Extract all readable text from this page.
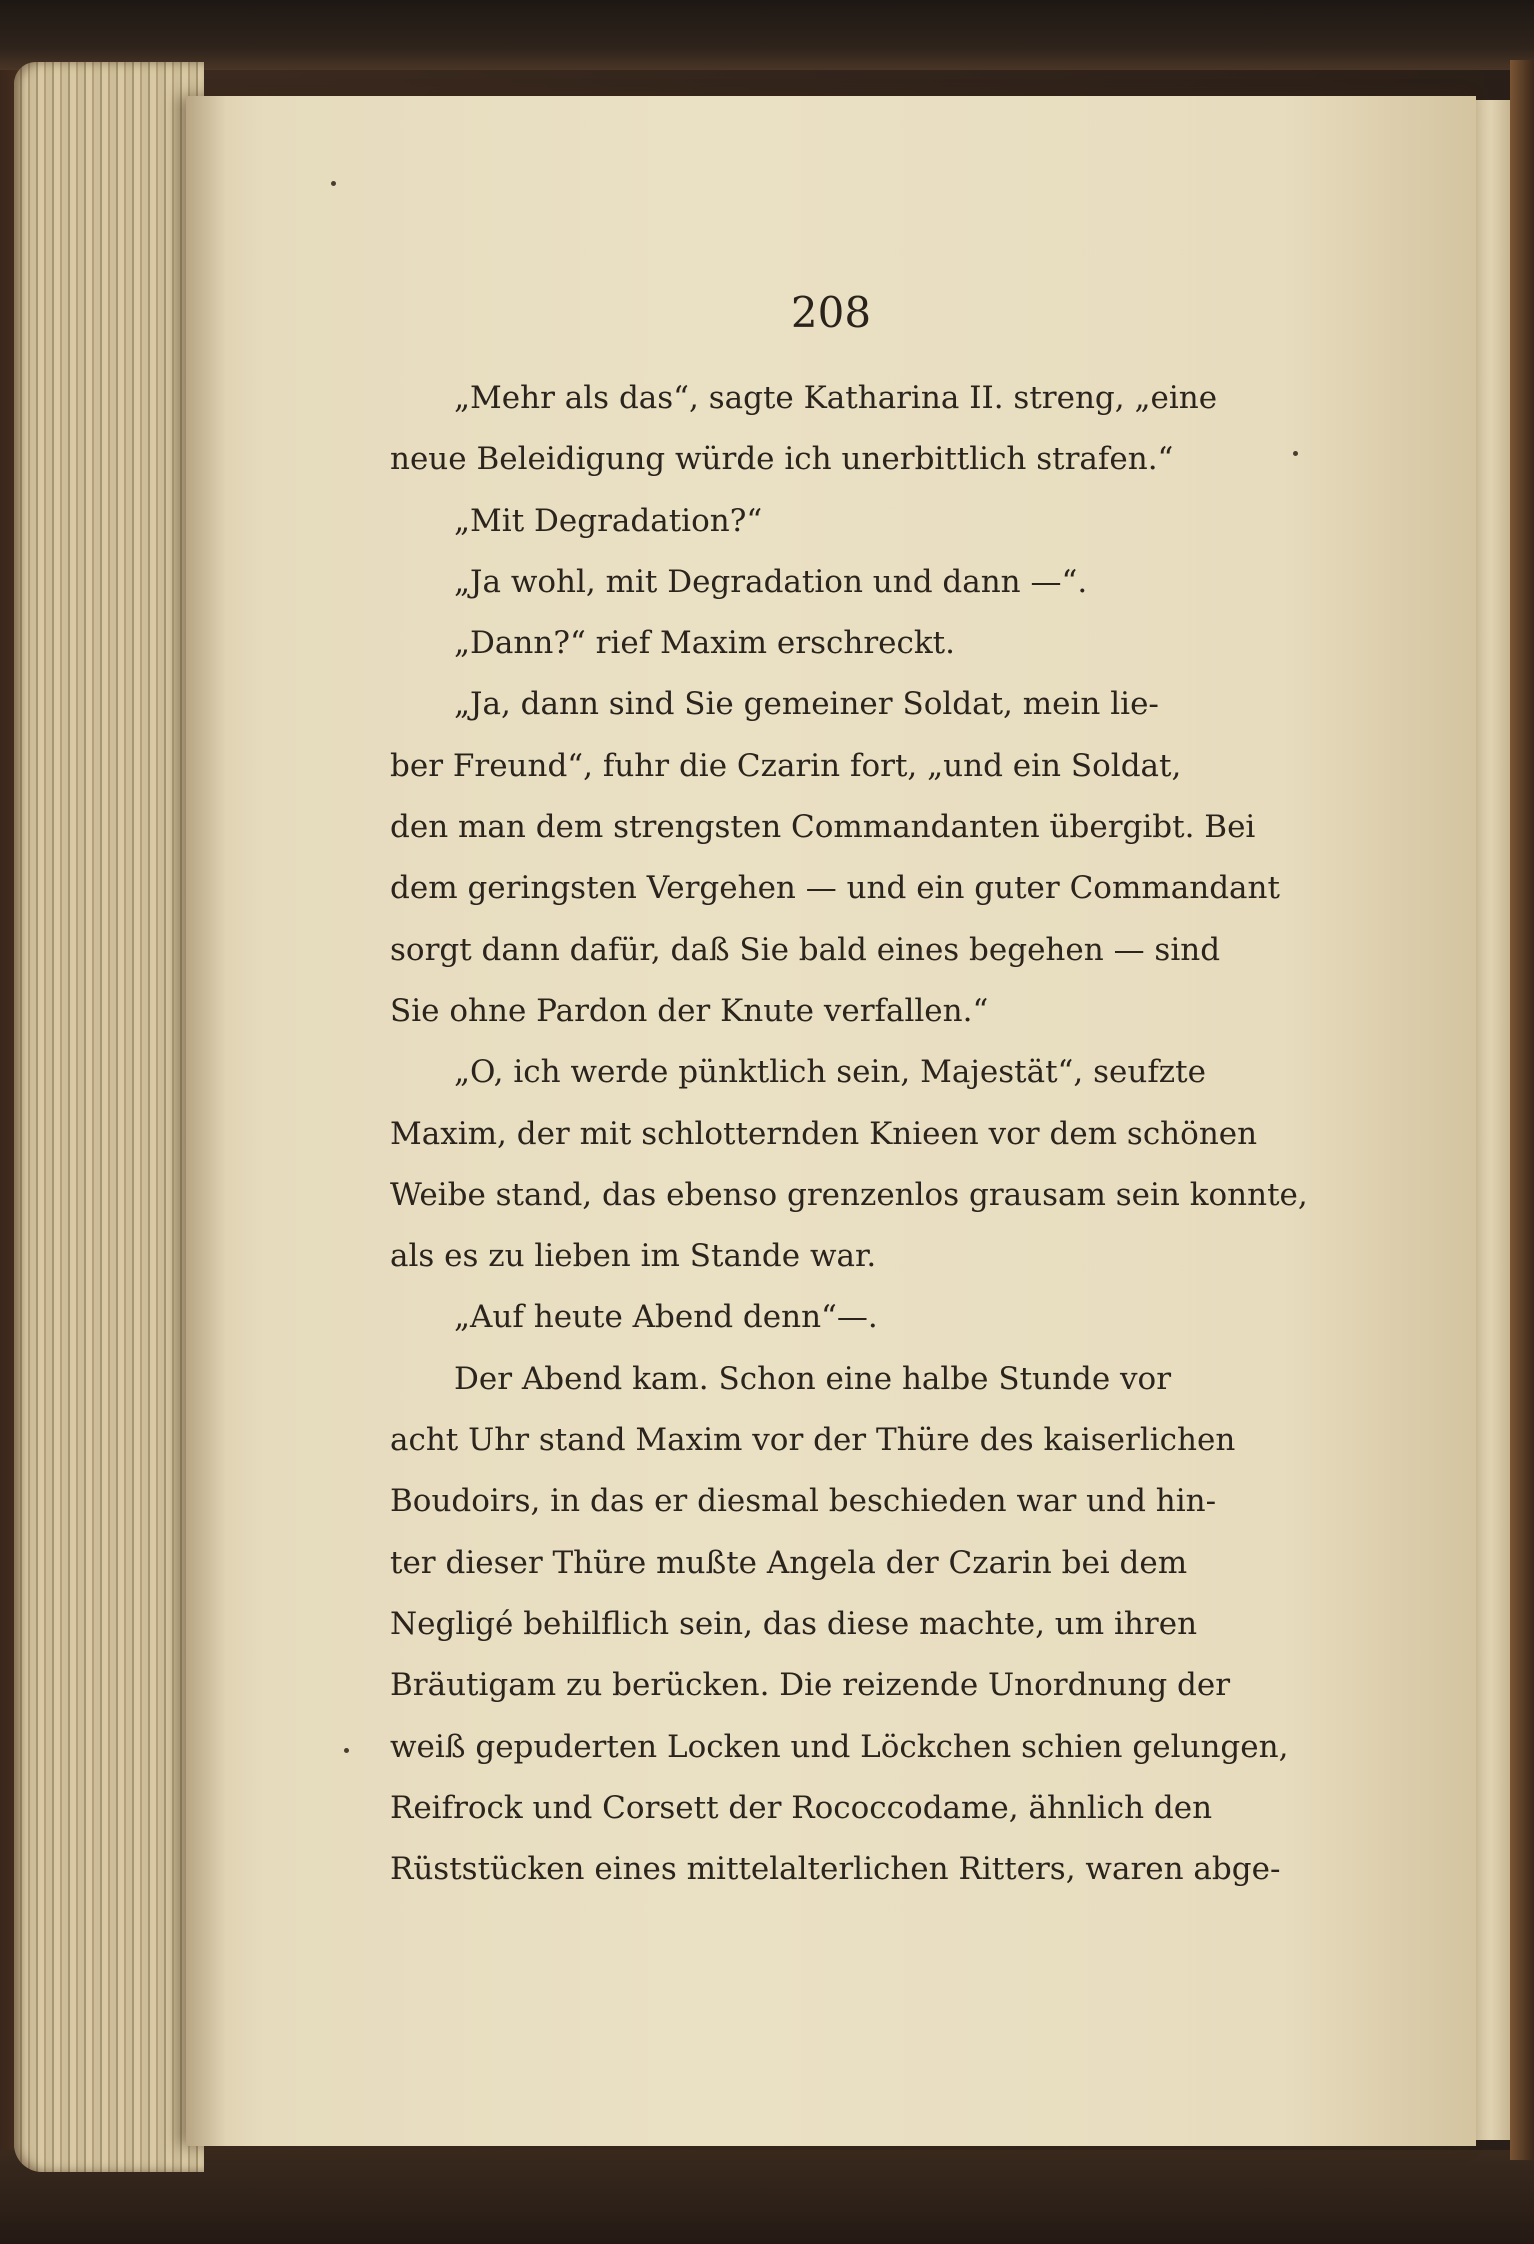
208
„Mehr als das“, sagte Katharina II. streng, „eine
neue Beleidigung würde ich unerbittlich strafen.“
„Mit Degradation?“
„Ja wohl, mit Degradation und dann —“.
„Dann?“ rief Maxim erschreckt.
„Ja, dann sind Sie gemeiner Soldat, mein lie-
ber Freund“, fuhr die Czarin fort, „und ein Soldat,
den man dem strengsten Commandanten übergibt. Bei
dem geringsten Vergehen — und ein guter Commandant
sorgt dann dafür, daß Sie bald eines begehen — sind
Sie ohne Pardon der Knute verfallen.“
„O, ich werde pünktlich sein, Majestät“, seufzte
Maxim, der mit schlotternden Knieen vor dem schönen
Weibe stand, das ebenso grenzenlos grausam sein konnte,
als es zu lieben im Stande war.
„Auf heute Abend denn“—.
Der Abend kam. Schon eine halbe Stunde vor
acht Uhr stand Maxim vor der Thüre des kaiserlichen
Boudoirs, in das er diesmal beschieden war und hin-
ter dieser Thüre mußte Angela der Czarin bei dem
Negligé behilflich sein, das diese machte, um ihren
Bräutigam zu berücken. Die reizende Unordnung der
weiß gepuderten Locken und Löckchen schien gelungen,
Reifrock und Corsett der Rococcodame, ähnlich den
Rüststücken eines mittelalterlichen Ritters, waren abge-
